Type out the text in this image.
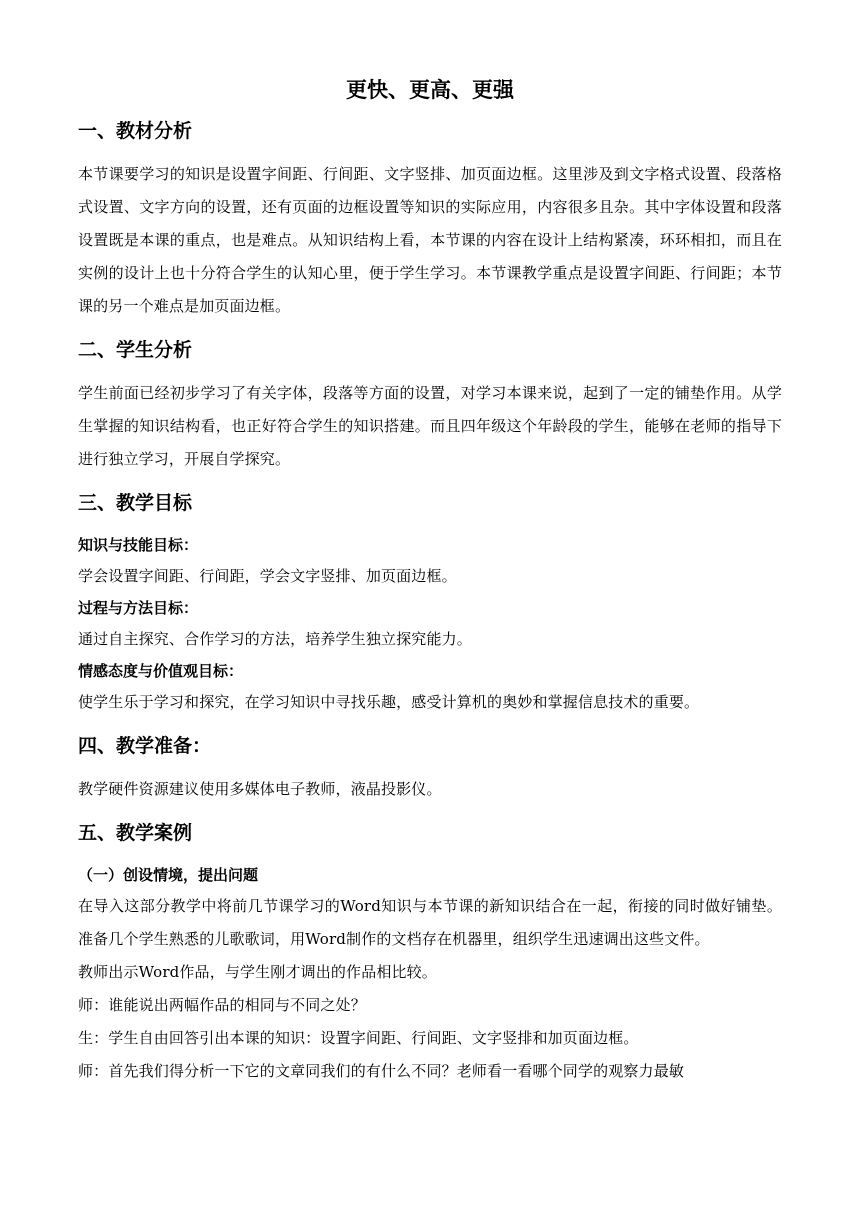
更快、更高、更强
一、教材分析
本节课要学习的知识是设置字间距、行间距、文字竖排、加页面边框。这里涉及到文字格式设置、段落格式设置、文字方向的设置，还有页面的边框设置等知识的实际应用，内容很多且杂。其中字体设置和段落设置既是本课的重点，也是难点。从知识结构上看，本节课的内容在设计上结构紧凑，环环相扣，而且在实例的设计上也十分符合学生的认知心里，便于学生学习。本节课教学重点是设置字间距、行间距；本节课的另一个难点是加页面边框。
二、学生分析
学生前面已经初步学习了有关字体，段落等方面的设置，对学习本课来说，起到了一定的铺垫作用。从学生掌握的知识结构看，也正好符合学生的知识搭建。而且四年级这个年龄段的学生，能够在老师的指导下进行独立学习，开展自学探究。
三、教学目标
知识与技能目标：
学会设置字间距、行间距，学会文字竖排、加页面边框。
过程与方法目标：
通过自主探究、合作学习的方法，培养学生独立探究能力。
情感态度与价值观目标：
使学生乐于学习和探究，在学习知识中寻找乐趣，感受计算机的奥妙和掌握信息技术的重要。
四、教学准备：
教学硬件资源建议使用多媒体电子教师，液晶投影仪。
五、教学案例
（一）创设情境，提出问题
在导入这部分教学中将前几节课学习的Word知识与本节课的新知识结合在一起，衔接的同时做好铺垫。准备几个学生熟悉的儿歌歌词，用Word制作的文档存在机器里，组织学生迅速调出这些文件。
教师出示Word作品，与学生刚才调出的作品相比较。
师：谁能说出两幅作品的相同与不同之处？
生：学生自由回答引出本课的知识：设置字间距、行间距、文字竖排和加页面边框。
师：首先我们得分析一下它的文章同我们的有什么不同？老师看一看哪个同学的观察力最敏
